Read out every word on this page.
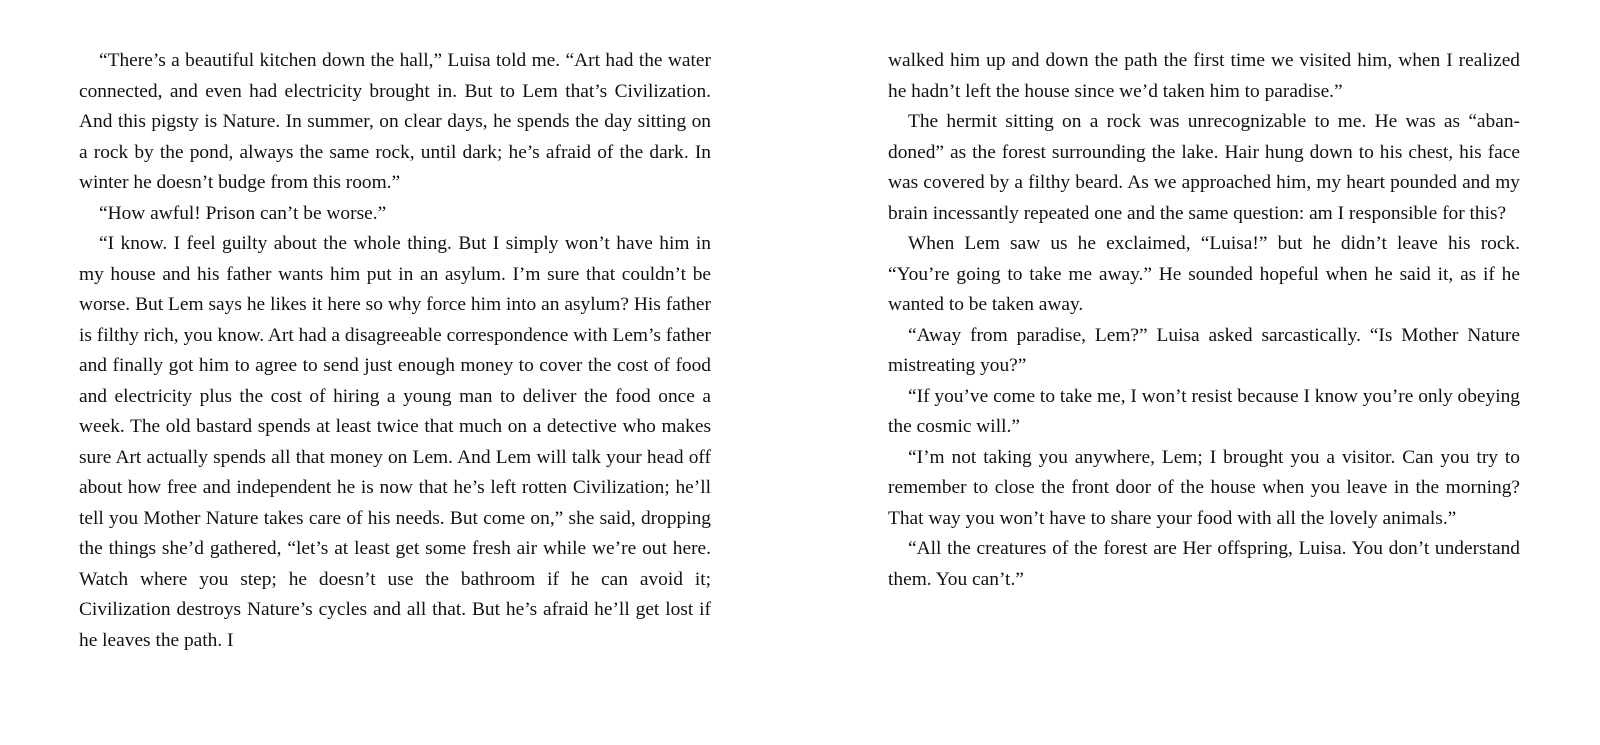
“There’s a beautiful kitchen down the hall,” Luisa told me. “Art had the water connected, and even had electricity brought in. But to Lem that’s Civilization. And this pigsty is Nature. In summer, on clear days, he spends the day sitting on a rock by the pond, always the same rock, until dark; he’s afraid of the dark. In winter he doesn’t budge from this room.”

“How awful! Prison can’t be worse.”

“I know. I feel guilty about the whole thing. But I simply won’t have him in my house and his father wants him put in an asylum. I’m sure that couldn’t be worse. But Lem says he likes it here so why force him into an asylum? His father is filthy rich, you know. Art had a disagreeable correspondence with Lem’s father and finally got him to agree to send just enough money to cover the cost of food and electricity plus the cost of hiring a young man to deliver the food once a week. The old bastard spends at least twice that much on a detective who makes sure Art actually spends all that money on Lem. And Lem will talk your head off about how free and independent he is now that he’s left rotten Civilization; he’ll tell you Mother Nature takes care of his needs. But come on,” she said, dropping the things she’d gathered, “let’s at least get some fresh air while we’re out here. Watch where you step; he doesn’t use the bathroom if he can avoid it; Civilization destroys Nature’s cycles and all that. But he’s afraid he’ll get lost if he leaves the path. I

walked him up and down the path the first time we visited him, when I realized he hadn’t left the house since we’d taken him to paradise.”

The hermit sitting on a rock was unrecognizable to me. He was as “abandoned” as the forest surrounding the lake. Hair hung down to his chest, his face was covered by a filthy beard. As we approached him, my heart pounded and my brain incessantly repeated one and the same question: am I responsible for this?

When Lem saw us he exclaimed, “Luisa!” but he didn’t leave his rock. “You’re going to take me away.” He sounded hopeful when he said it, as if he wanted to be taken away.

“Away from paradise, Lem?” Luisa asked sarcastically. “Is Mother Nature mistreating you?”

“If you’ve come to take me, I won’t resist because I know you’re only obeying the cosmic will.”

“I’m not taking you anywhere, Lem; I brought you a visitor. Can you try to remember to close the front door of the house when you leave in the morning? That way you won’t have to share your food with all the lovely animals.”

“All the creatures of the forest are Her offspring, Luisa. You don’t understand them. You can’t.”
